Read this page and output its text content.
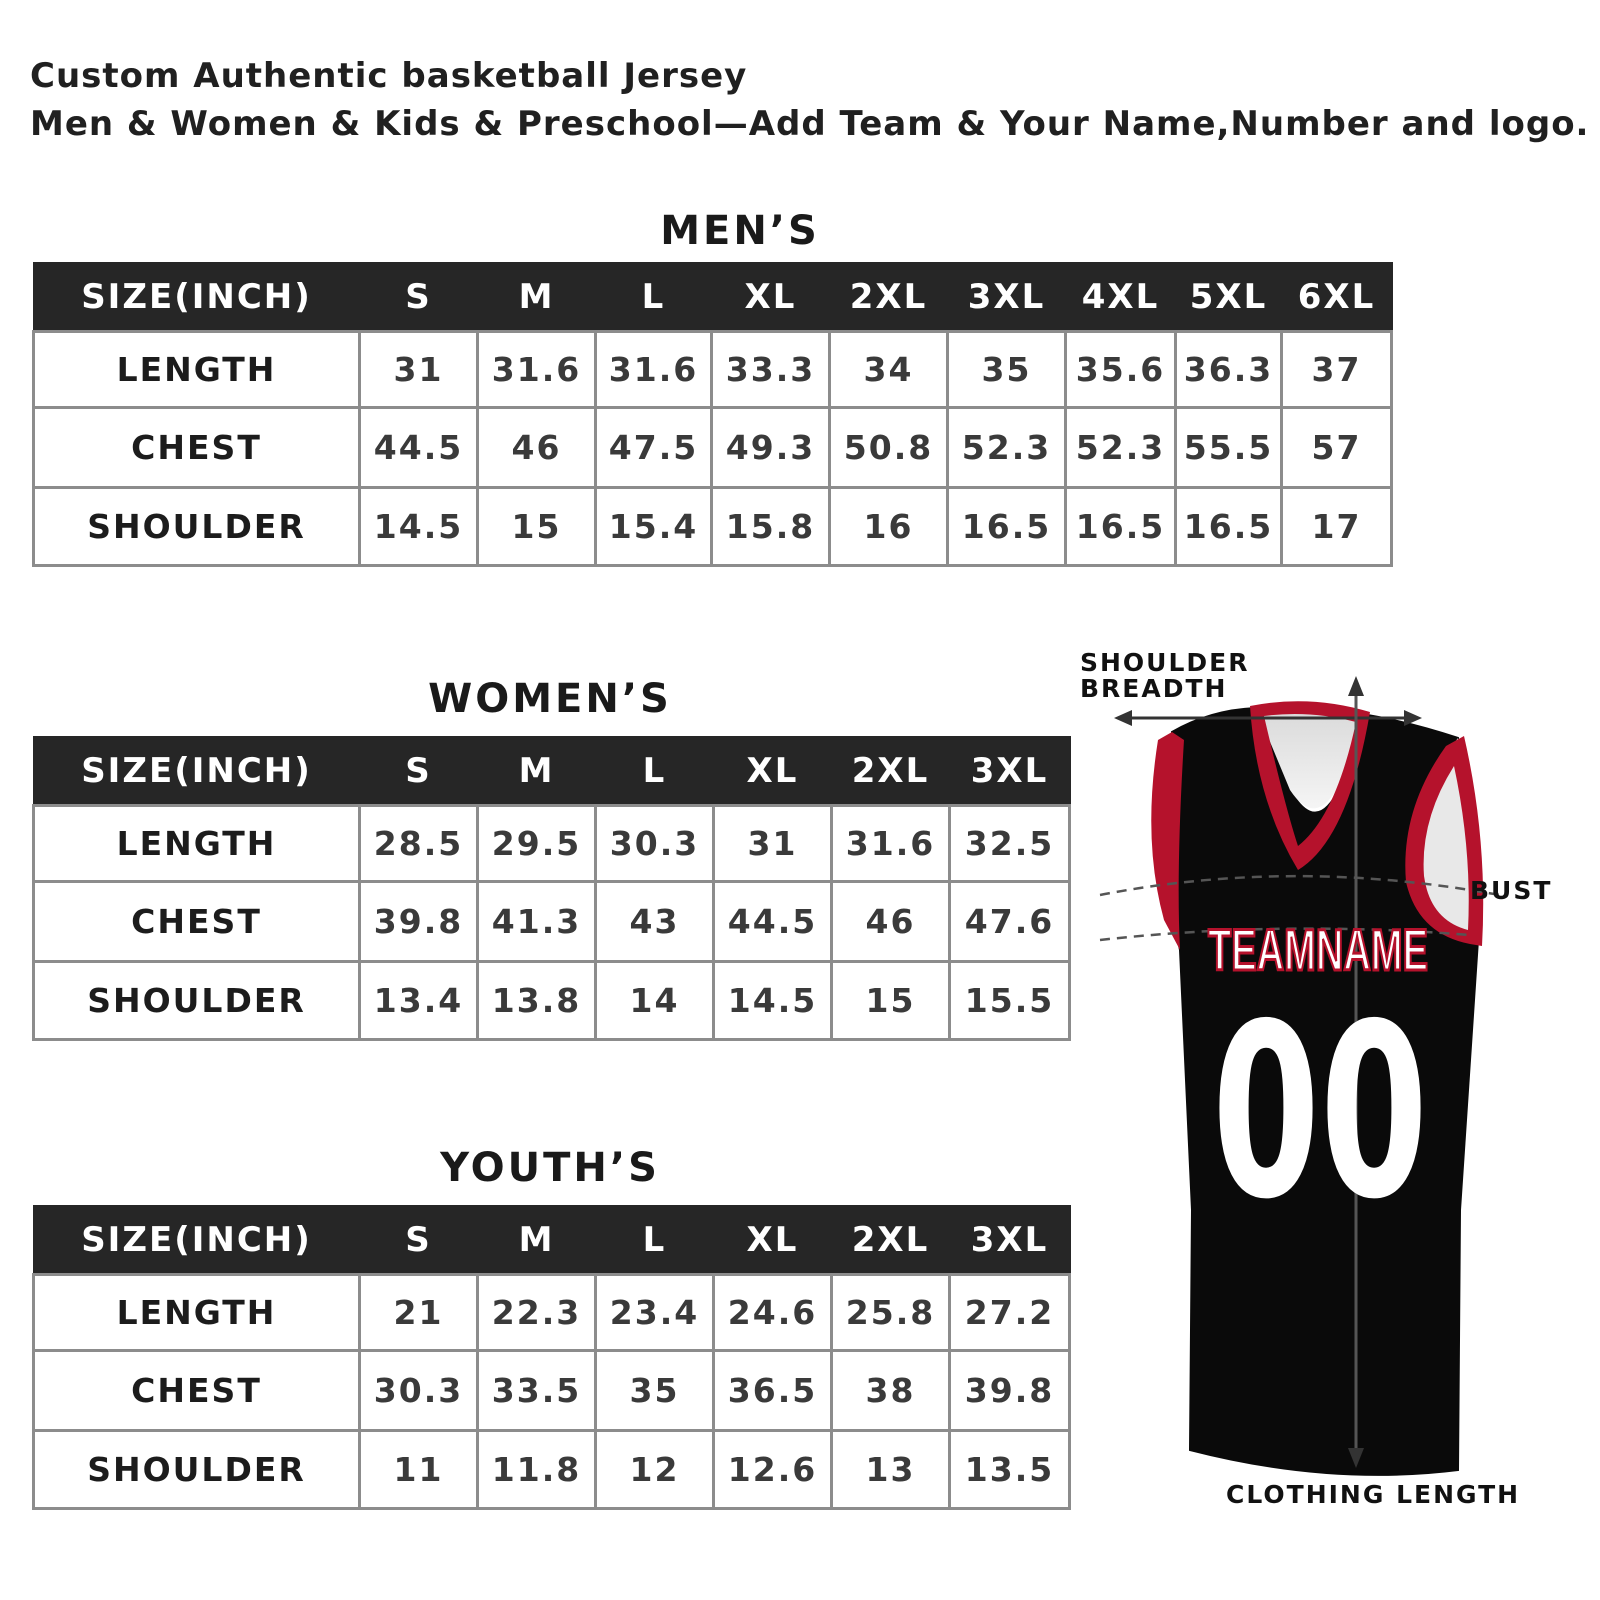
Custom Authentic basketball Jersey
Men & Women & Kids & Preschool—Add Team & Your Name,Number and logo.
MEN’S
SIZE(INCH)	S	M	L	XL	2XL	3XL	4XL	5XL	6XL
LENGTH	31	31.6	31.6	33.3	34	35	35.6	36.3	37
CHEST	44.5	46	47.5	49.3	50.8	52.3	52.3	55.5	57
SHOULDER	14.5	15	15.4	15.8	16	16.5	16.5	16.5	17
WOMEN’S
SIZE(INCH)	S	M	L	XL	2XL	3XL
LENGTH	28.5	29.5	30.3	31	31.6	32.5
CHEST	39.8	41.3	43	44.5	46	47.6
SHOULDER	13.4	13.8	14	14.5	15	15.5
YOUTH’S
SIZE(INCH)	S	M	L	XL	2XL	3XL
LENGTH	21	22.3	23.4	24.6	25.8	27.2
CHEST	30.3	33.5	35	36.5	38	39.8
SHOULDER	11	11.8	12	12.6	13	13.5
TEAMNAME
00
SHOULDER
BREADTH
BUST
CLOTHING LENGTH
